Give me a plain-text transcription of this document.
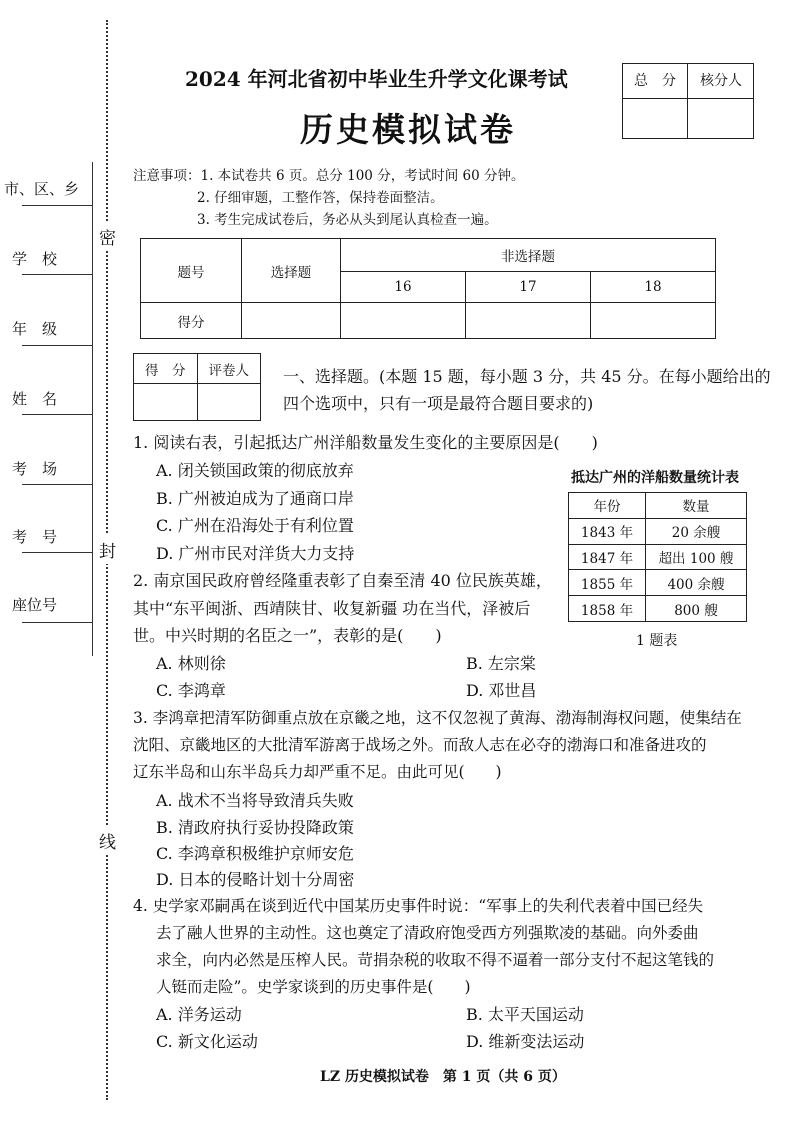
密
封
线
市、区、乡
学　校
年　级
姓　名
考　场
考　号
座位号
2024 年河北省初中毕业生升学文化课考试
历史模拟试卷
总　分	核分人
注意事项：1. 本试卷共 6 页。总分 100 分，考试时间 60 分钟。
2. 仔细审题，工整作答，保持卷面整洁。
3. 考生完成试卷后，务必从头到尾认真检查一遍。
题号	选择题	非选择题		
		16	17	18
得分				
得　分	评卷人
	一、选择题。(本题 15 题，每小题 3 分，共 45 分。在每小题给出的
四个选项中，只有一项是最符合题目要求的)
1. 阅读右表，引起抵达广州洋船数量发生变化的主要原因是(　　)
A. 闭关锁国政策的彻底放弃
B. 广州被迫成为了通商口岸
C. 广州在沿海处于有利位置
D. 广州市民对洋货大力支持
抵达广州的洋船数量统计表
年份	数量
1843 年	20 余艘
1847 年	超出 100 艘
1855 年	400 余艘
1858 年	800 艘
1 题表
2. 南京国民政府曾经隆重表彰了自秦至清 40 位民族英雄，
其中“东平闽浙、西靖陕甘、收复新疆 功在当代，泽被后
世。中兴时期的名臣之一”，表彰的是(　　)
A. 林则徐	B. 左宗棠
C. 李鸿章	D. 邓世昌
3. 李鸿章把清军防御重点放在京畿之地，这不仅忽视了黄海、渤海制海权问题，使集结在
沈阳、京畿地区的大批清军游离于战场之外。而敌人志在必夺的渤海口和准备进攻的
辽东半岛和山东半岛兵力却严重不足。由此可见(　　)
A. 战术不当将导致清兵失败
B. 清政府执行妥协投降政策
C. 李鸿章积极维护京师安危
D. 日本的侵略计划十分周密
4. 史学家邓嗣禹在谈到近代中国某历史事件时说：“军事上的失利代表着中国已经失
去了融人世界的主动性。这也奠定了清政府饱受西方列强欺凌的基础。向外委曲
求全，向内必然是压榨人民。苛捐杂税的收取不得不逼着一部分支付不起这笔钱的
人铤而走险”。史学家谈到的历史事件是(　　)
A. 洋务运动	B. 太平天国运动
C. 新文化运动	D. 维新变法运动
LZ 历史模拟试卷　第 1 页（共 6 页）
